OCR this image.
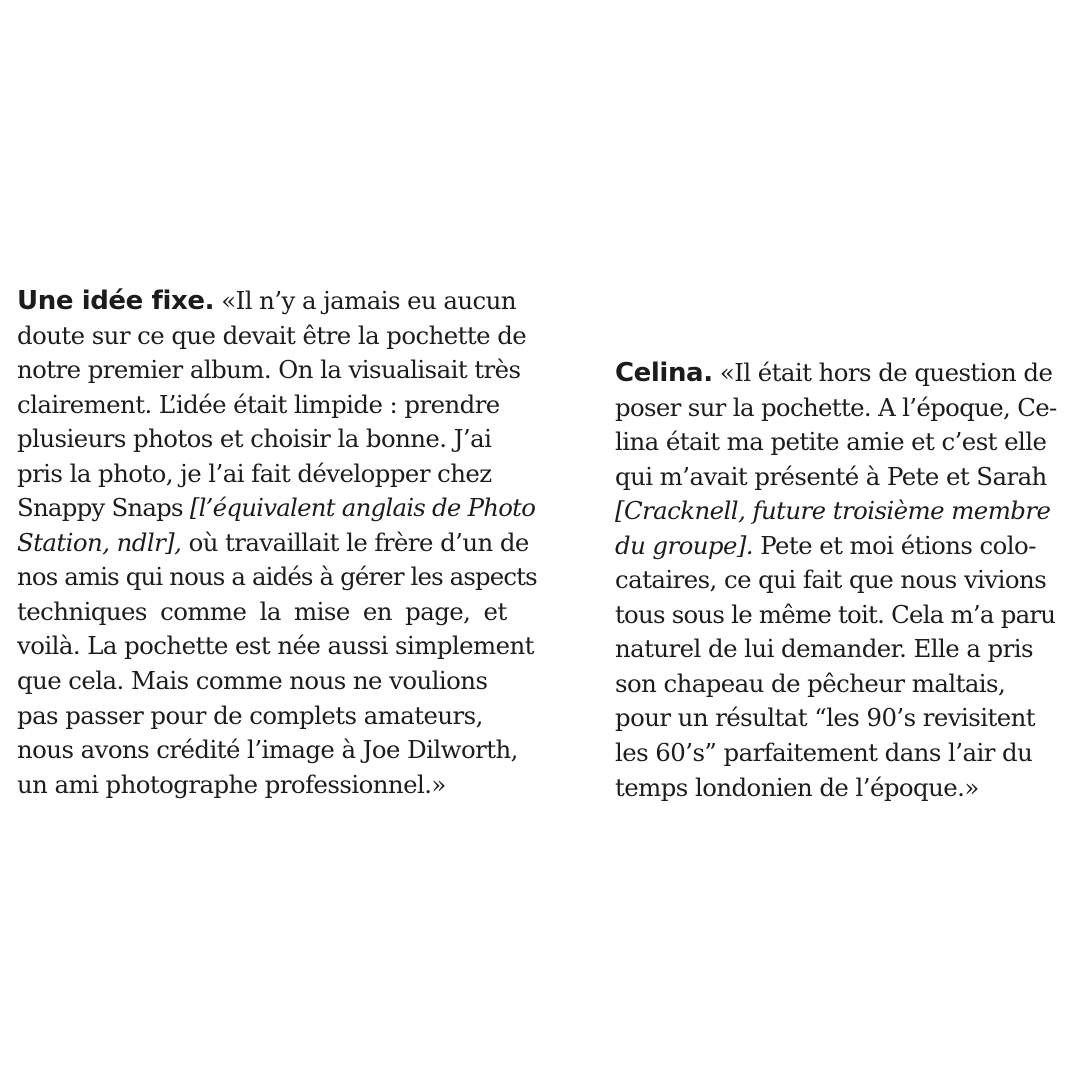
Une idée fixe. «Il n’y a jamais eu aucun
doute sur ce que devait être la pochette de
notre premier album. On la visualisait très
clairement. L’idée était limpide : prendre
plusieurs photos et choisir la bonne. J’ai
pris la photo, je l’ai fait développer chez
Snappy Snaps [l’équivalent anglais de Photo
Station, ndlr], où travaillait le frère d’un de
nos amis qui nous a aidés à gérer les aspects
techniques comme la mise en page, et
voilà. La pochette est née aussi simplement
que cela. Mais comme nous ne voulions
pas passer pour de complets amateurs,
nous avons crédité l’image à Joe Dilworth,
un ami photographe professionnel.»
Celina. «Il était hors de question de
poser sur la pochette. A l’époque, Ce-
lina était ma petite amie et c’est elle
qui m’avait présenté à Pete et Sarah
[Cracknell, future troisième membre
du groupe]. Pete et moi étions colo-
cataires, ce qui fait que nous vivions
tous sous le même toit. Cela m’a paru
naturel de lui demander. Elle a pris
son chapeau de pêcheur maltais,
pour un résultat “les 90’s revisitent
les 60’s” parfaitement dans l’air du
temps londonien de l’époque.»
